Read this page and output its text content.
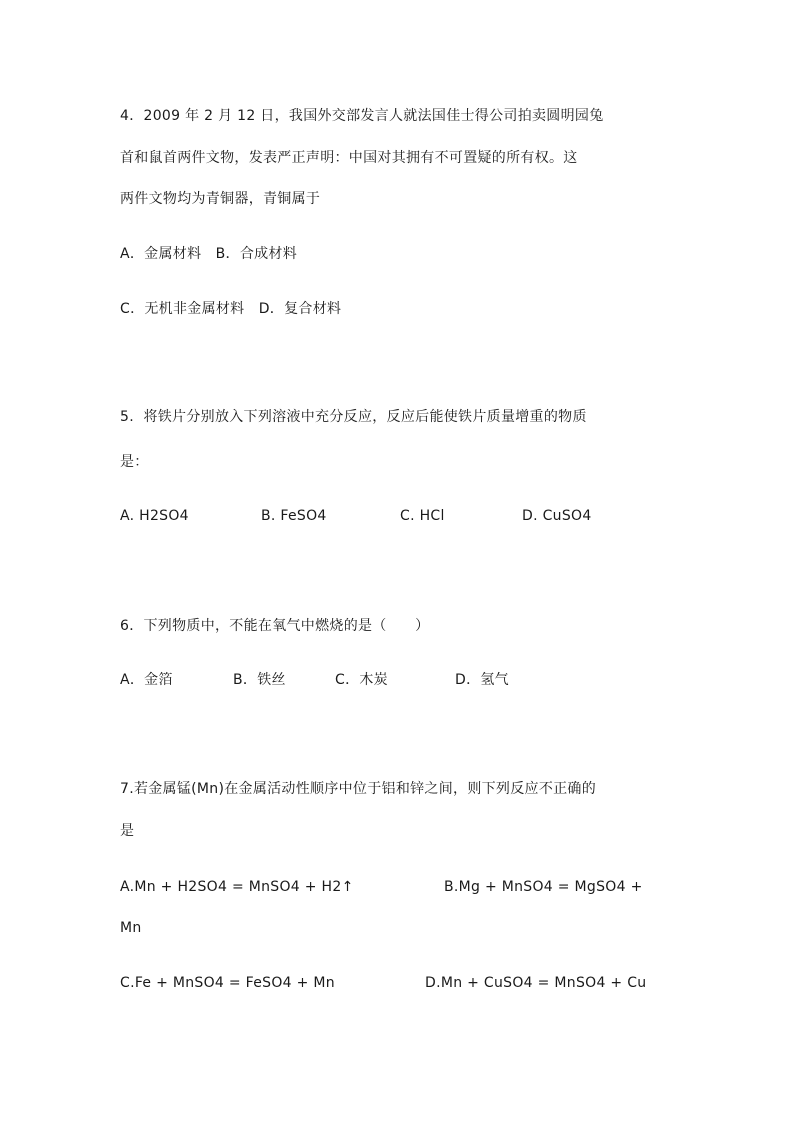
4．2009 年 2 月 12 日，我国外交部发言人就法国佳士得公司拍卖圆明园兔
首和鼠首两件文物，发表严正声明：中国对其拥有不可置疑的所有权。这
两件文物均为青铜器，青铜属于
A．金属材料   B．合成材料
C．无机非金属材料   D．复合材料
5.  将铁片分别放入下列溶液中充分反应，反应后能使铁片质量增重的物质
是：
A. H2SO4	B. FeSO4	C. HCl	D. CuSO4
6．下列物质中，不能在氧气中燃烧的是（      ）
A．金箔	B．铁丝	C．木炭	D．氢气
7.若金属锰(Mn)在金属活动性顺序中位于铝和锌之间，则下列反应不正确的
是
A.Mn + H2SO4 = MnSO4 + H2↑	B.Mg + MnSO4 = MgSO4 +
Mn
C.Fe + MnSO4 = FeSO4 + Mn	D.Mn + CuSO4 = MnSO4 + Cu
